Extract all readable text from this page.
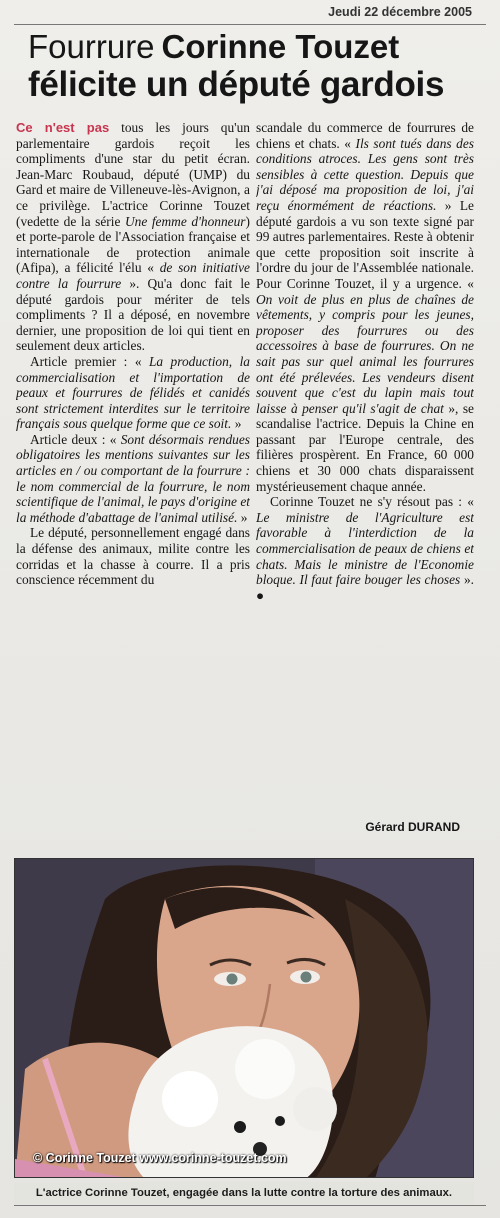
Jeudi 22 décembre 2005
Fourrure Corinne Touzet
félicite un député gardois

Ce n'est pas tous les jours qu'un parlementaire gardois reçoit les compliments d'une star du petit écran. Jean-Marc Roubaud, député (UMP) du Gard et maire de Villeneuve-lès-Avignon, a ce privilège. L'actrice Corinne Touzet (vedette de la série Une femme d'honneur) et porte-parole de l'Association française et internationale de protection animale (Afipa), a félicité l'élu « de son initiative contre la fourrure ». Qu'a donc fait le député gardois pour mériter de tels compliments ? Il a déposé, en novembre dernier, une proposition de loi qui tient en seulement deux articles.

Article premier : « La production, la commercialisation et l'importation de peaux et fourrures de félidés et canidés sont strictement interdites sur le territoire français sous quelque forme que ce soit. »

Article deux : « Sont désormais rendues obligatoires les mentions suivantes sur les articles en / ou comportant de la fourrure : le nom commercial de la fourrure, le nom scientifique de l'animal, le pays d'origine et la méthode d'abattage de l'animal utilisé. »

Le député, personnellement engagé dans la défense des animaux, milite contre les corridas et la chasse à courre. Il a pris conscience récemment du

scandale du commerce de fourrures de chiens et chats. « Ils sont tués dans des conditions atroces. Les gens sont très sensibles à cette question. Depuis que j'ai déposé ma proposition de loi, j'ai reçu énormément de réactions. » Le député gardois a vu son texte signé par 99 autres parlementaires. Reste à obtenir que cette proposition soit inscrite à l'ordre du jour de l'Assemblée nationale. Pour Corinne Touzet, il y a urgence. « On voit de plus en plus de chaînes de vêtements, y compris pour les jeunes, proposer des fourrures ou des accessoires à base de fourrures. On ne sait pas sur quel animal les fourrures ont été prélevées. Les vendeurs disent souvent que c'est du lapin mais tout laisse à penser qu'il s'agit de chat », se scandalise l'actrice. Depuis la Chine en passant par l'Europe centrale, des filières prospèrent. En France, 60 000 chiens et 30 000 chats disparaissent mystérieusement chaque année.

Corinne Touzet ne s'y résout pas : « Le ministre de l'Agriculture est favorable à l'interdiction de la commercialisation de peaux de chiens et chats. Mais le ministre de l'Economie bloque. Il faut faire bouger les choses ». ●

Gérard DURAND
© Corinne Touzet www.corinne-touzet.com
L'actrice Corinne Touzet, engagée dans la lutte contre la torture des animaux.
